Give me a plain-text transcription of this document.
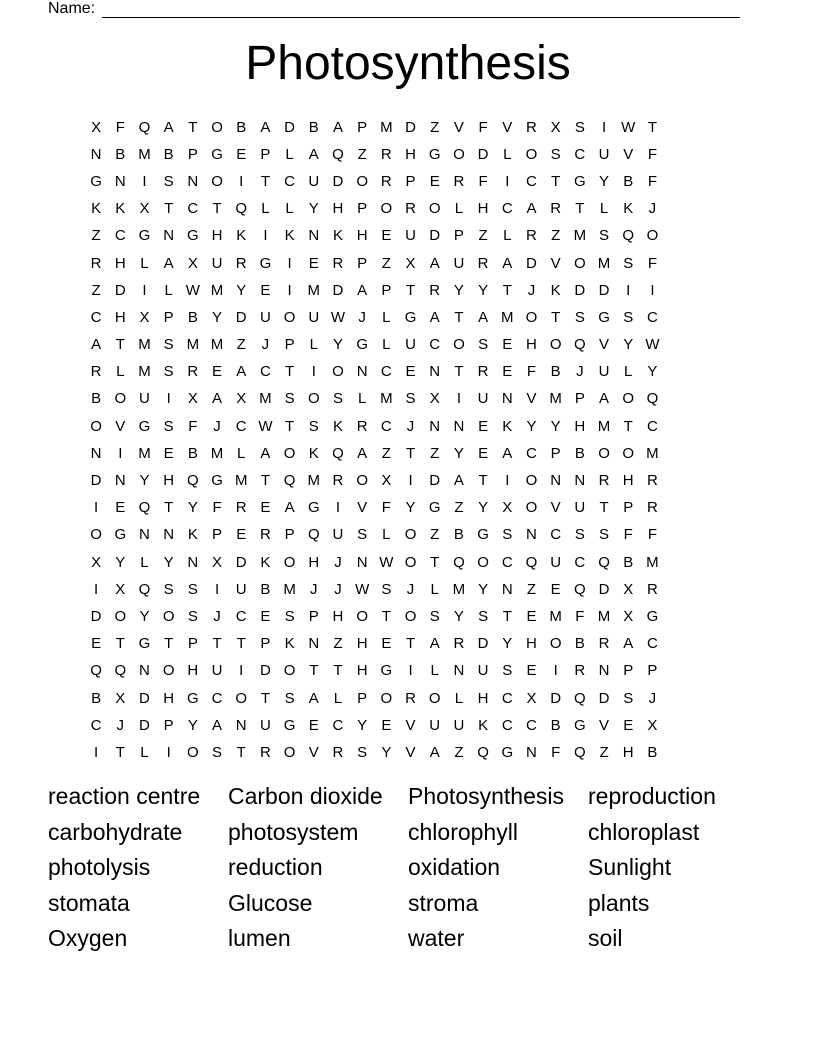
Name:
Photosynthesis
X F Q A T O B A D B A P M D Z V F V R X S	I	W T
N B M B P G E P	L	A Q Z R H G O D L O S C U V F
G N	I	S N O	I	T C U D O R P E R F	I	C T G Y B F
K K X T C T Q L	L	Y H P O R O L H C A R T	L	K	J
Z C G N G H K	I	K N K H E U D P Z	L R Z M S Q O
R H L	A X U R G	I	E R P Z X A U R A D V O M S F
Z D	I	L W M Y E	I	M D A P T R Y Y T	J	K D D	I	I
C H X P B Y D U O U W J	L G A T A M O T S G S C
A T M S M M Z	J	P	L	Y G L U C O S E H O Q V Y W
R L M S R E A C T	I	O N C E N T R E F B	J	U L	Y
B O U	I	X A X M S O S	L M S X	I	U N V M P A O Q
O V G S F	J	C W T S K R C	J	N N E K Y Y H M T C
N	I	M E B M L	A O K Q A Z	T	Z Y E A C P B O O M
D N Y H Q G M T Q M R O X	I	D A T	I	O N N R H R
I	E Q T Y F R E A G	I	V F Y G Z Y X O V U T P R
O G N N K P E R P Q U S	L O Z B G S N C S S F	F
X Y	L	Y N X D K O H	J	N W O T Q O C Q U C Q B M
I	X Q S S	I	U B M J	J W S	J	L M Y N Z E Q D X R
D O Y O S	J	C E S P H O T O S Y S T E M F M X G
E T G T P T	T P K N Z H E T A R D Y H O B R A C
Q Q N O H U	I	D O T	T H G	I	L N U S E	I	R N P P
B X D H G C O T S A	L	P O R O L H C X D Q D S	J
C	J	D P Y A N U G E C Y E V U U K C C B G V E X
I	T	L	I	O S T R O V R S Y V A Z Q G N F Q Z H B
reaction centre	Carbon dioxide	Photosynthesis	reproduction
carbohydrate	photosystem	chlorophyll	chloroplast
photolysis	reduction	oxidation	Sunlight
stomata	Glucose	stroma	plants
Oxygen	lumen	water	soil
